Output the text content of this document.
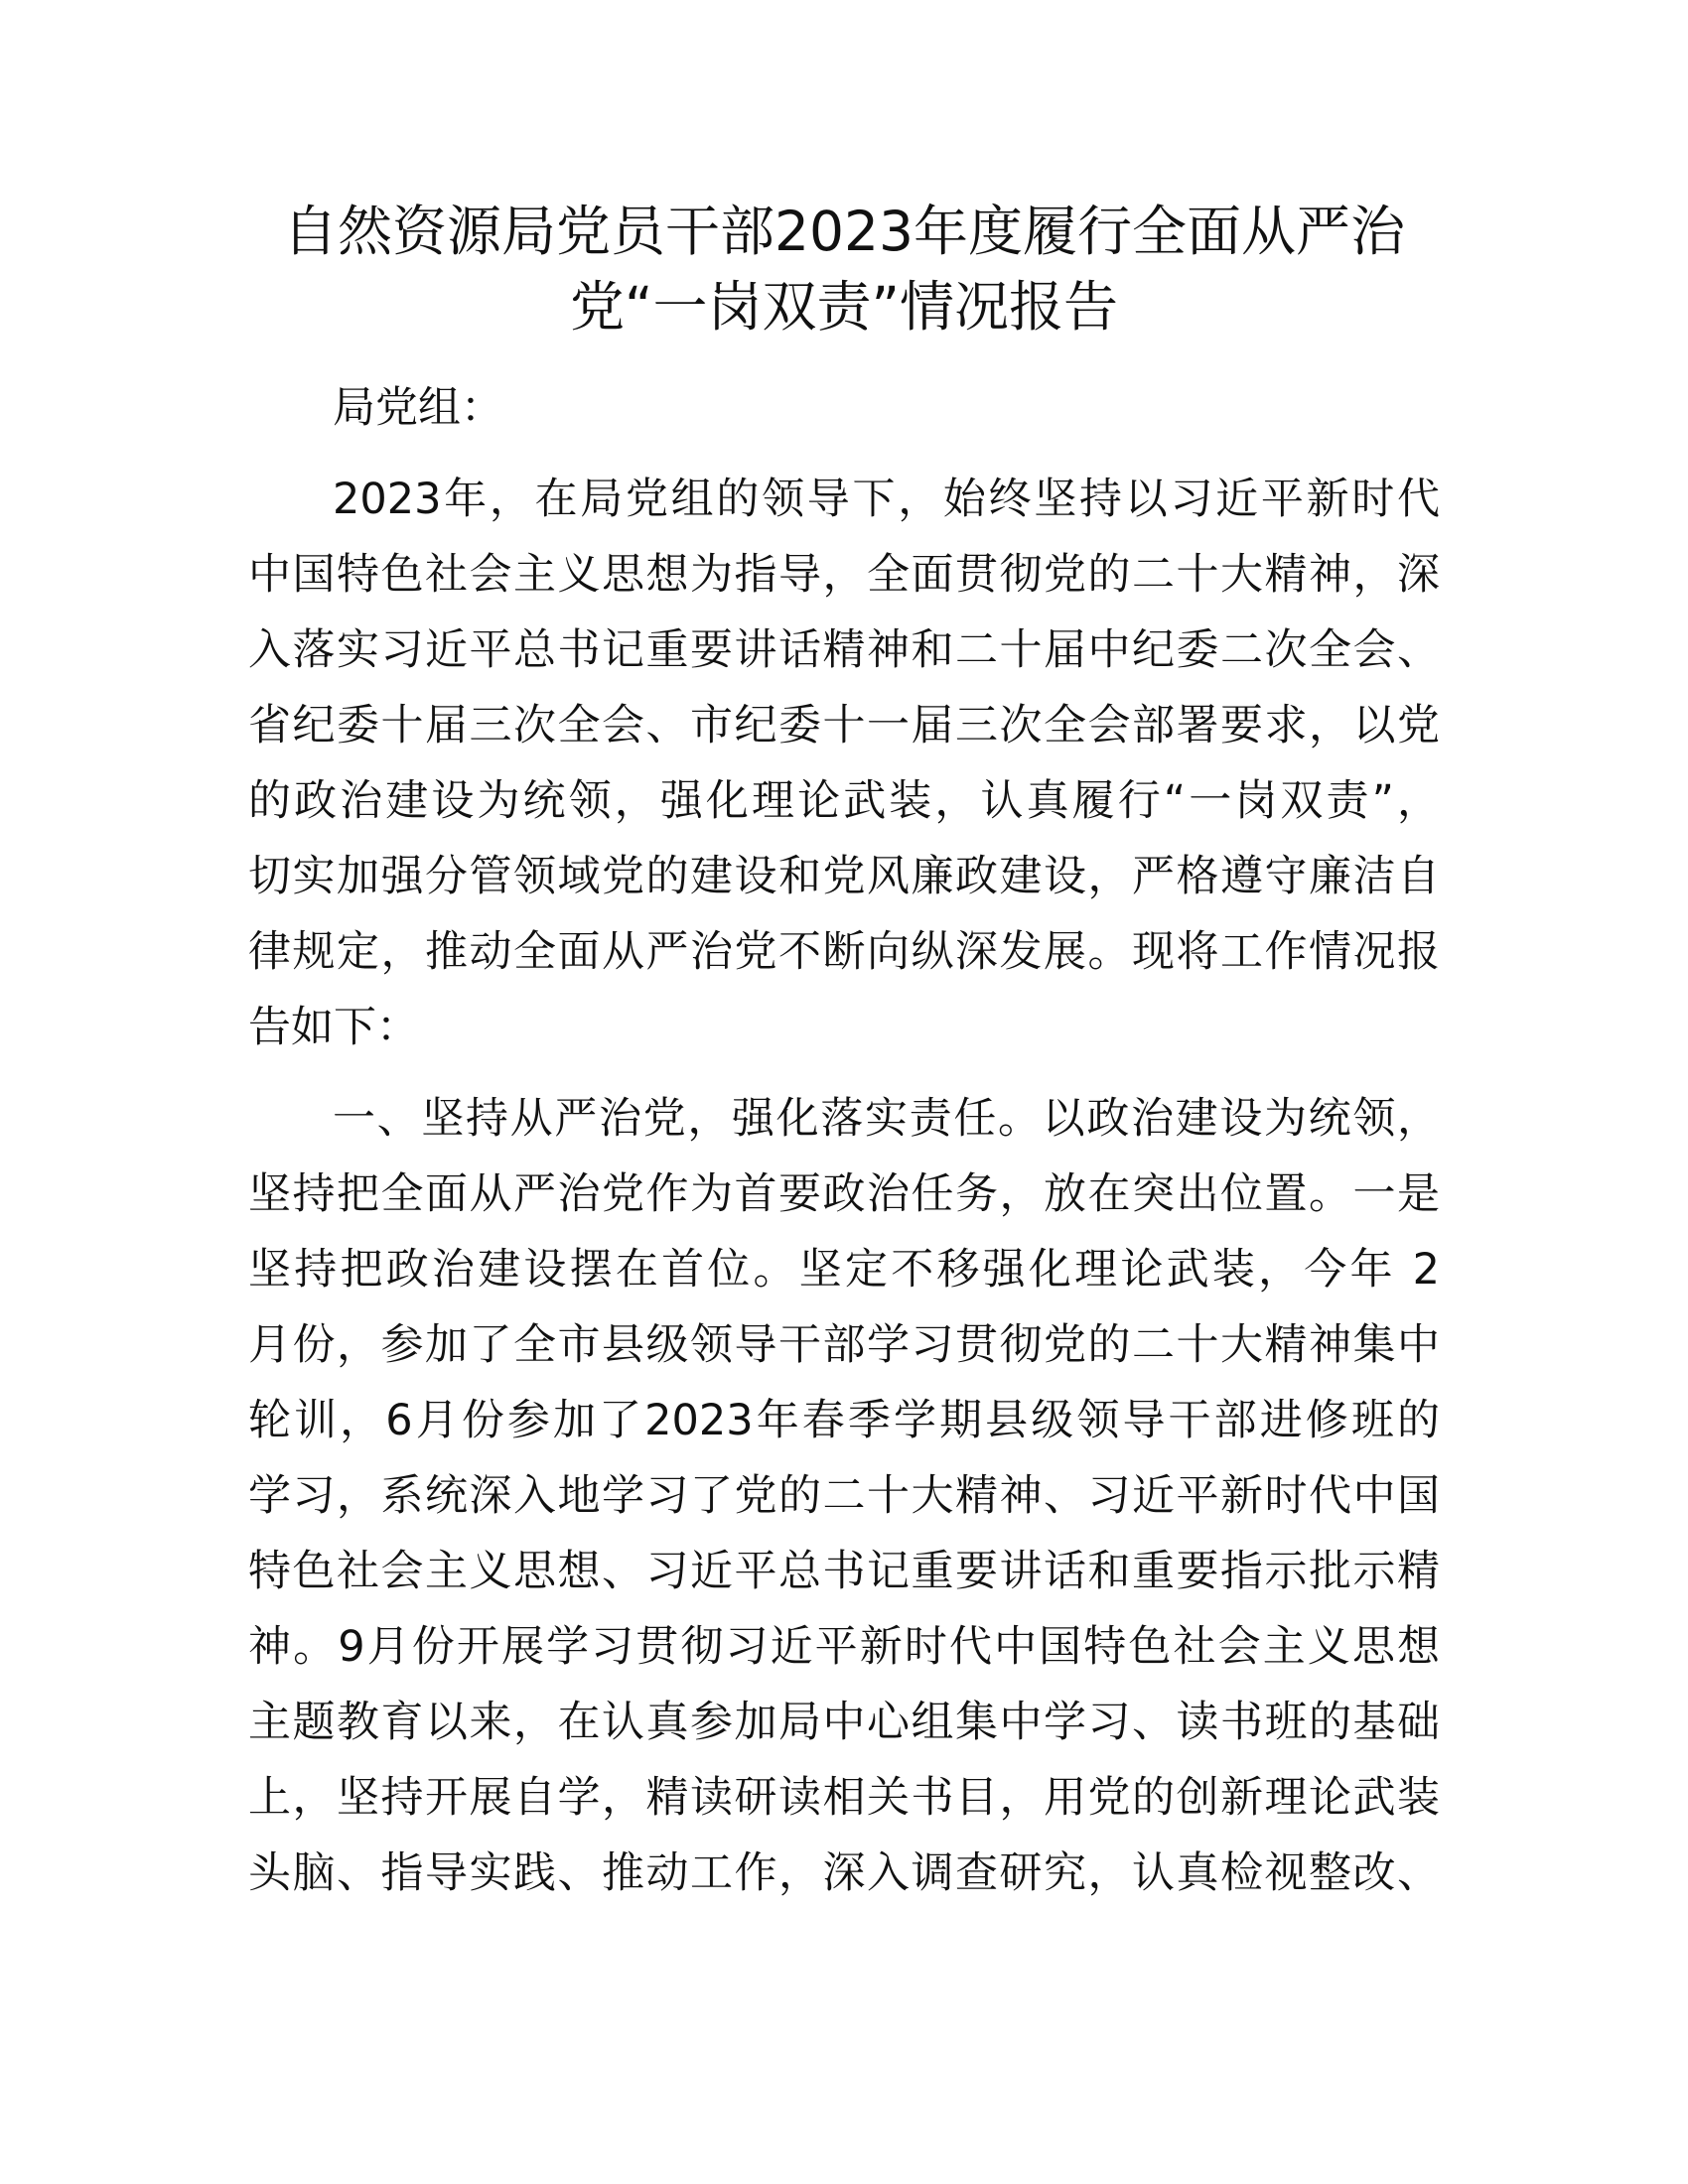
自然资源局党员干部2023年度履行全面从严治
党“一岗双责”情况报告

局党组：

2023年，在局党组的领导下，始终坚持以习近平新时代
中国特色社会主义思想为指导，全面贯彻党的二十大精神，深
入落实习近平总书记重要讲话精神和二十届中纪委二次全会、
省纪委十届三次全会、市纪委十一届三次全会部署要求，以党
的政治建设为统领，强化理论武装，认真履行“一岗双责”，
切实加强分管领域党的建设和党风廉政建设，严格遵守廉洁自
律规定，推动全面从严治党不断向纵深发展。现将工作情况报
告如下：

一、坚持从严治党，强化落实责任。以政治建设为统领，
坚持把全面从严治党作为首要政治任务，放在突出位置。一是
坚持把政治建设摆在首位。坚定不移强化理论武装，今年 2
月份，参加了全市县级领导干部学习贯彻党的二十大精神集中
轮训，6月份参加了2023年春季学期县级领导干部进修班的
学习，系统深入地学习了党的二十大精神、习近平新时代中国
特色社会主义思想、习近平总书记重要讲话和重要指示批示精
神。9月份开展学习贯彻习近平新时代中国特色社会主义思想
主题教育以来，在认真参加局中心组集中学习、读书班的基础
上，坚持开展自学，精读研读相关书目，用党的创新理论武装
头脑、指导实践、推动工作，深入调查研究，认真检视整改、
